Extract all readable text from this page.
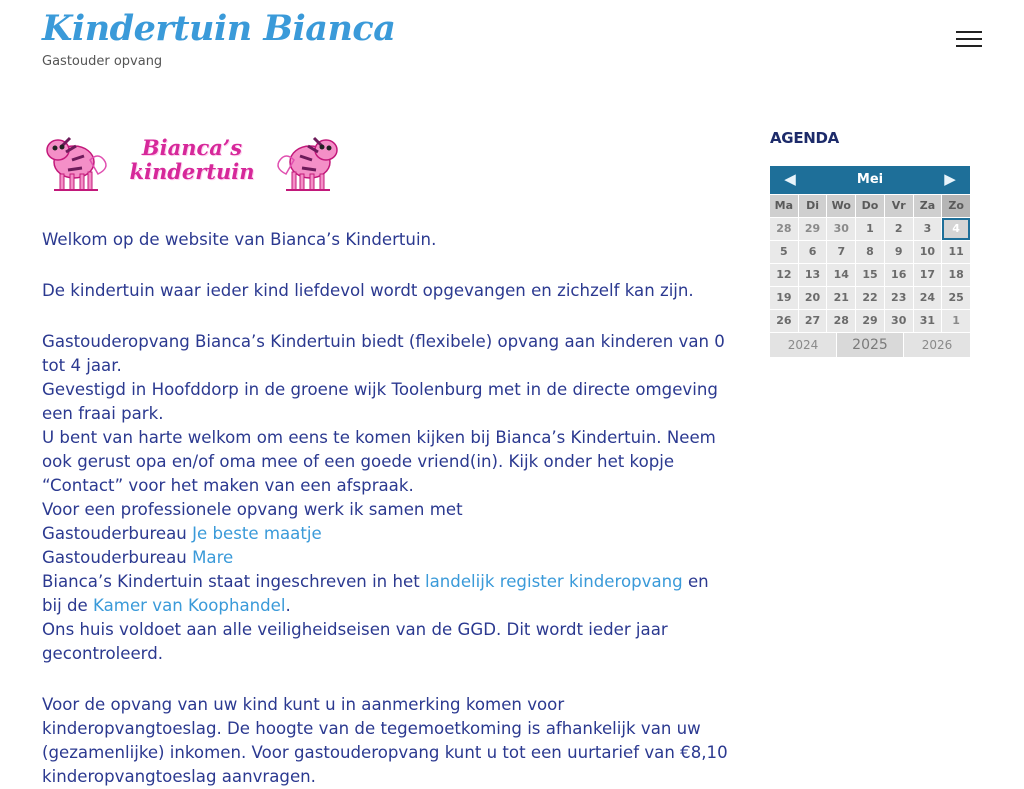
Kindertuin Bianca
Gastouder opvang
Bianca’s
kindertuin

Welkom op de website van Bianca’s Kindertuin.

De kindertuin waar ieder kind liefdevol wordt opgevangen en zichzelf kan zijn.

Gastouderopvang Bianca’s Kindertuin biedt (flexibele) opvang aan kinderen van 0 tot 4 jaar.

Gevestigd in Hoofddorp in de groene wijk Toolenburg met in de directe omgeving een fraai park.

U bent van harte welkom om eens te komen kijken bij Bianca’s Kindertuin. Neem ook gerust opa en/of oma mee of een goede vriend(in). Kijk onder het kopje “Contact” voor het maken van een afspraak.

Voor een professionele opvang werk ik samen met

Gastouderbureau Je beste maatje

Gastouderbureau Mare

Bianca’s Kindertuin staat ingeschreven in het landelijk register kinderopvang en bij de Kamer van Koophandel.

Ons huis voldoet aan alle veiligheidseisen van de GGD. Dit wordt ieder jaar gecontroleerd.

Voor de opvang van uw kind kunt u in aanmerking komen voor kinderopvangtoeslag. De hoogte van de tegemoetkoming is afhankelijk van uw (gezamenlijke) inkomen. Voor gastouderopvang kunt u tot een uurtarief van €8,10 kinderopvangtoeslag aanvragen.

AGENDA
◀	Mei	▶
Ma	Di	Wo Do	Vr	Za	Zo
28	29	30	1	2	3	4
5	6	7	8	9	10	11
12	13	14	15	16	17	18
19	20	21	22	23	24	25
26	27	28	29	30	31	1
2024	2025	2026
